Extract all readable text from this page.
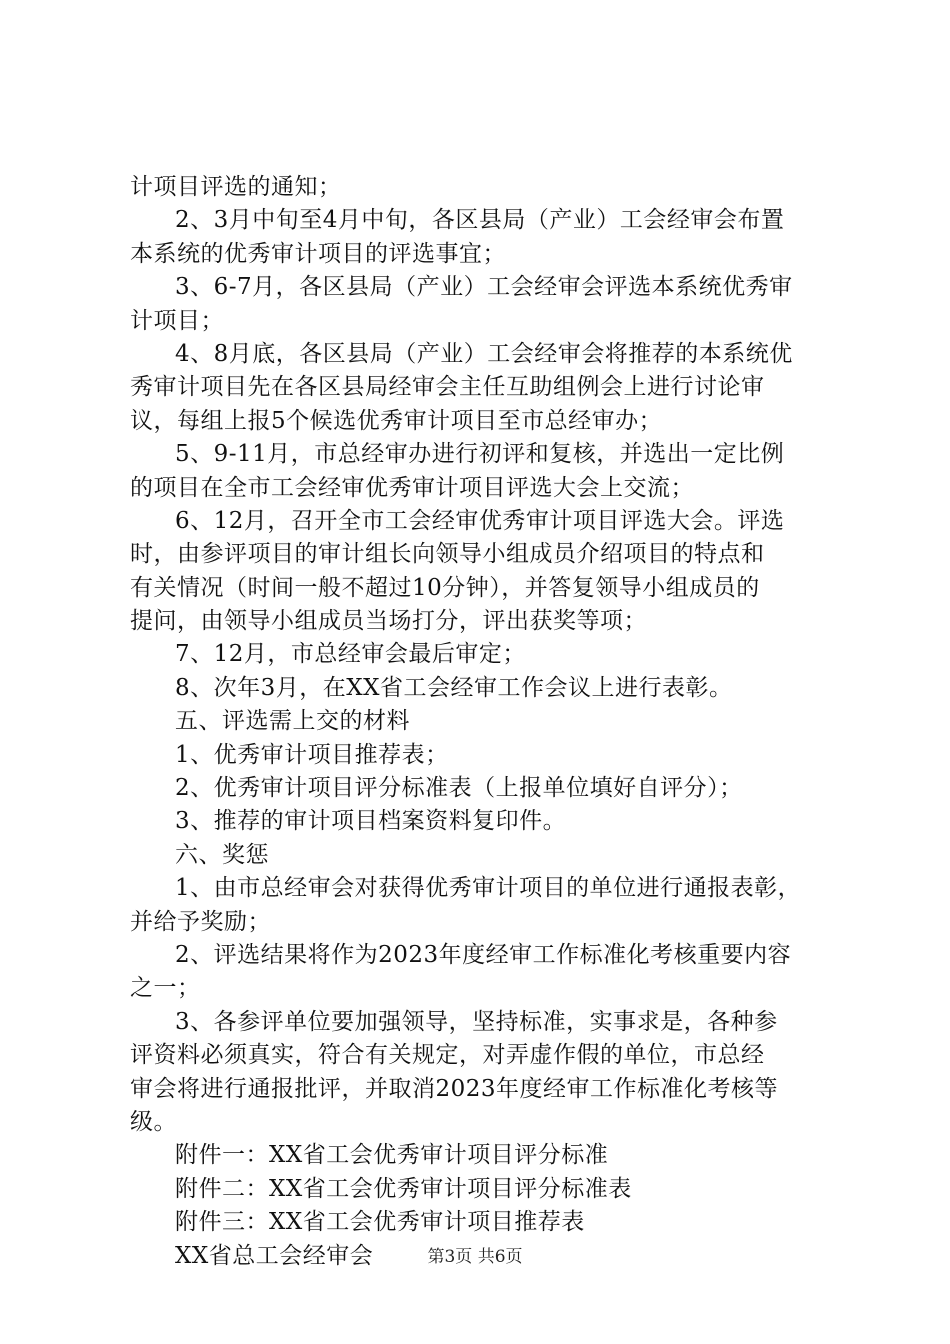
计项目评选的通知；
2、3月中旬至4月中旬，各区县局（产业）工会经审会布置
本系统的优秀审计项目的评选事宜；
3、6-7月，各区县局（产业）工会经审会评选本系统优秀审
计项目；
4、8月底，各区县局（产业）工会经审会将推荐的本系统优
秀审计项目先在各区县局经审会主任互助组例会上进行讨论审
议，每组上报5个候选优秀审计项目至市总经审办；
5、9-11月，市总经审办进行初评和复核，并选出一定比例
的项目在全市工会经审优秀审计项目评选大会上交流；
6、12月，召开全市工会经审优秀审计项目评选大会。评选
时，由参评项目的审计组长向领导小组成员介绍项目的特点和
有关情况（时间一般不超过10分钟），并答复领导小组成员的
提问，由领导小组成员当场打分，评出获奖等项；
7、12月，市总经审会最后审定；
8、次年3月，在XX省工会经审工作会议上进行表彰。
五、评选需上交的材料
1、优秀审计项目推荐表；
2、优秀审计项目评分标准表（上报单位填好自评分）；
3、推荐的审计项目档案资料复印件。
六、奖惩
1、由市总经审会对获得优秀审计项目的单位进行通报表彰，
并给予奖励；
2、评选结果将作为2023年度经审工作标准化考核重要内容
之一；
3、各参评单位要加强领导，坚持标准，实事求是，各种参
评资料必须真实，符合有关规定，对弄虚作假的单位，市总经
审会将进行通报批评，并取消2023年度经审工作标准化考核等
级。
附件一：XX省工会优秀审计项目评分标准
附件二：XX省工会优秀审计项目评分标准表
附件三：XX省工会优秀审计项目推荐表
XX省总工会经审会	第3页 共6页
